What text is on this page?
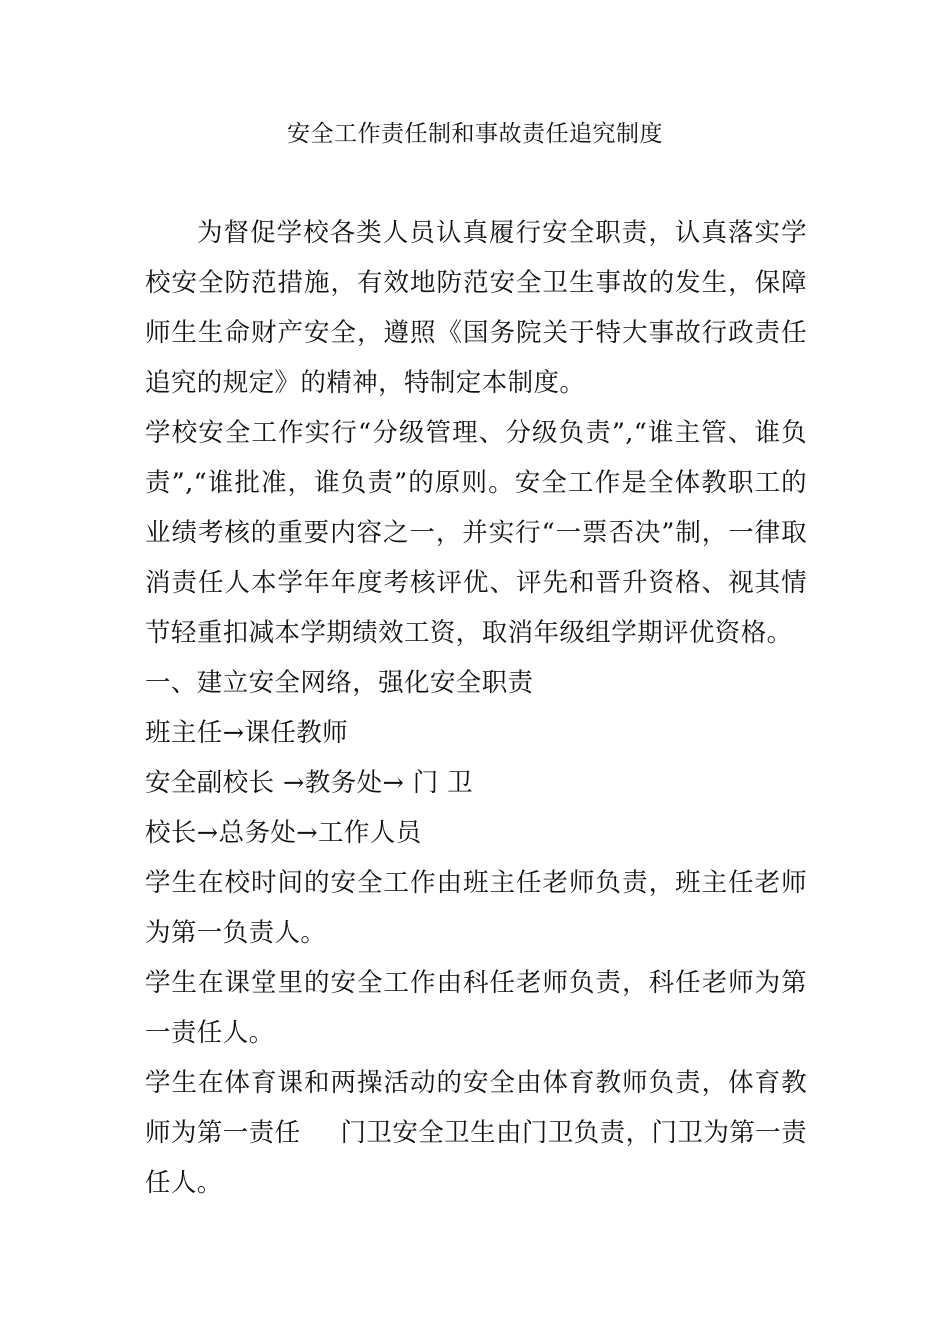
安全工作责任制和事故责任追究制度

为督促学校各类人员认真履行安全职责，认真落实学校安全防范措施，有效地防范安全卫生事故的发生，保障师生生命财产安全，遵照《国务院关于特大事故行政责任追究的规定》的精神，特制定本制度。

学校安全工作实行“分级管理、分级负责”,“谁主管、谁负责”,“谁批准，谁负责”的原则。安全工作是全体教职工的业绩考核的重要内容之一，并实行“一票否决”制，一律取消责任人本学年年度考核评优、评先和晋升资格、视其情节轻重扣减本学期绩效工资，取消年级组学期评优资格。

一、建立安全网络，强化安全职责

班主任→课任教师

安全副校长 →教务处→ 门 卫

校长→总务处→工作人员

学生在校时间的安全工作由班主任老师负责，班主任老师为第一负责人。

学生在课堂里的安全工作由科任老师负责，科任老师为第一责任人。

学生在体育课和两操活动的安全由体育教师负责，体育教师为第一责任 门卫安全卫生由门卫负责，门卫为第一责任人。
